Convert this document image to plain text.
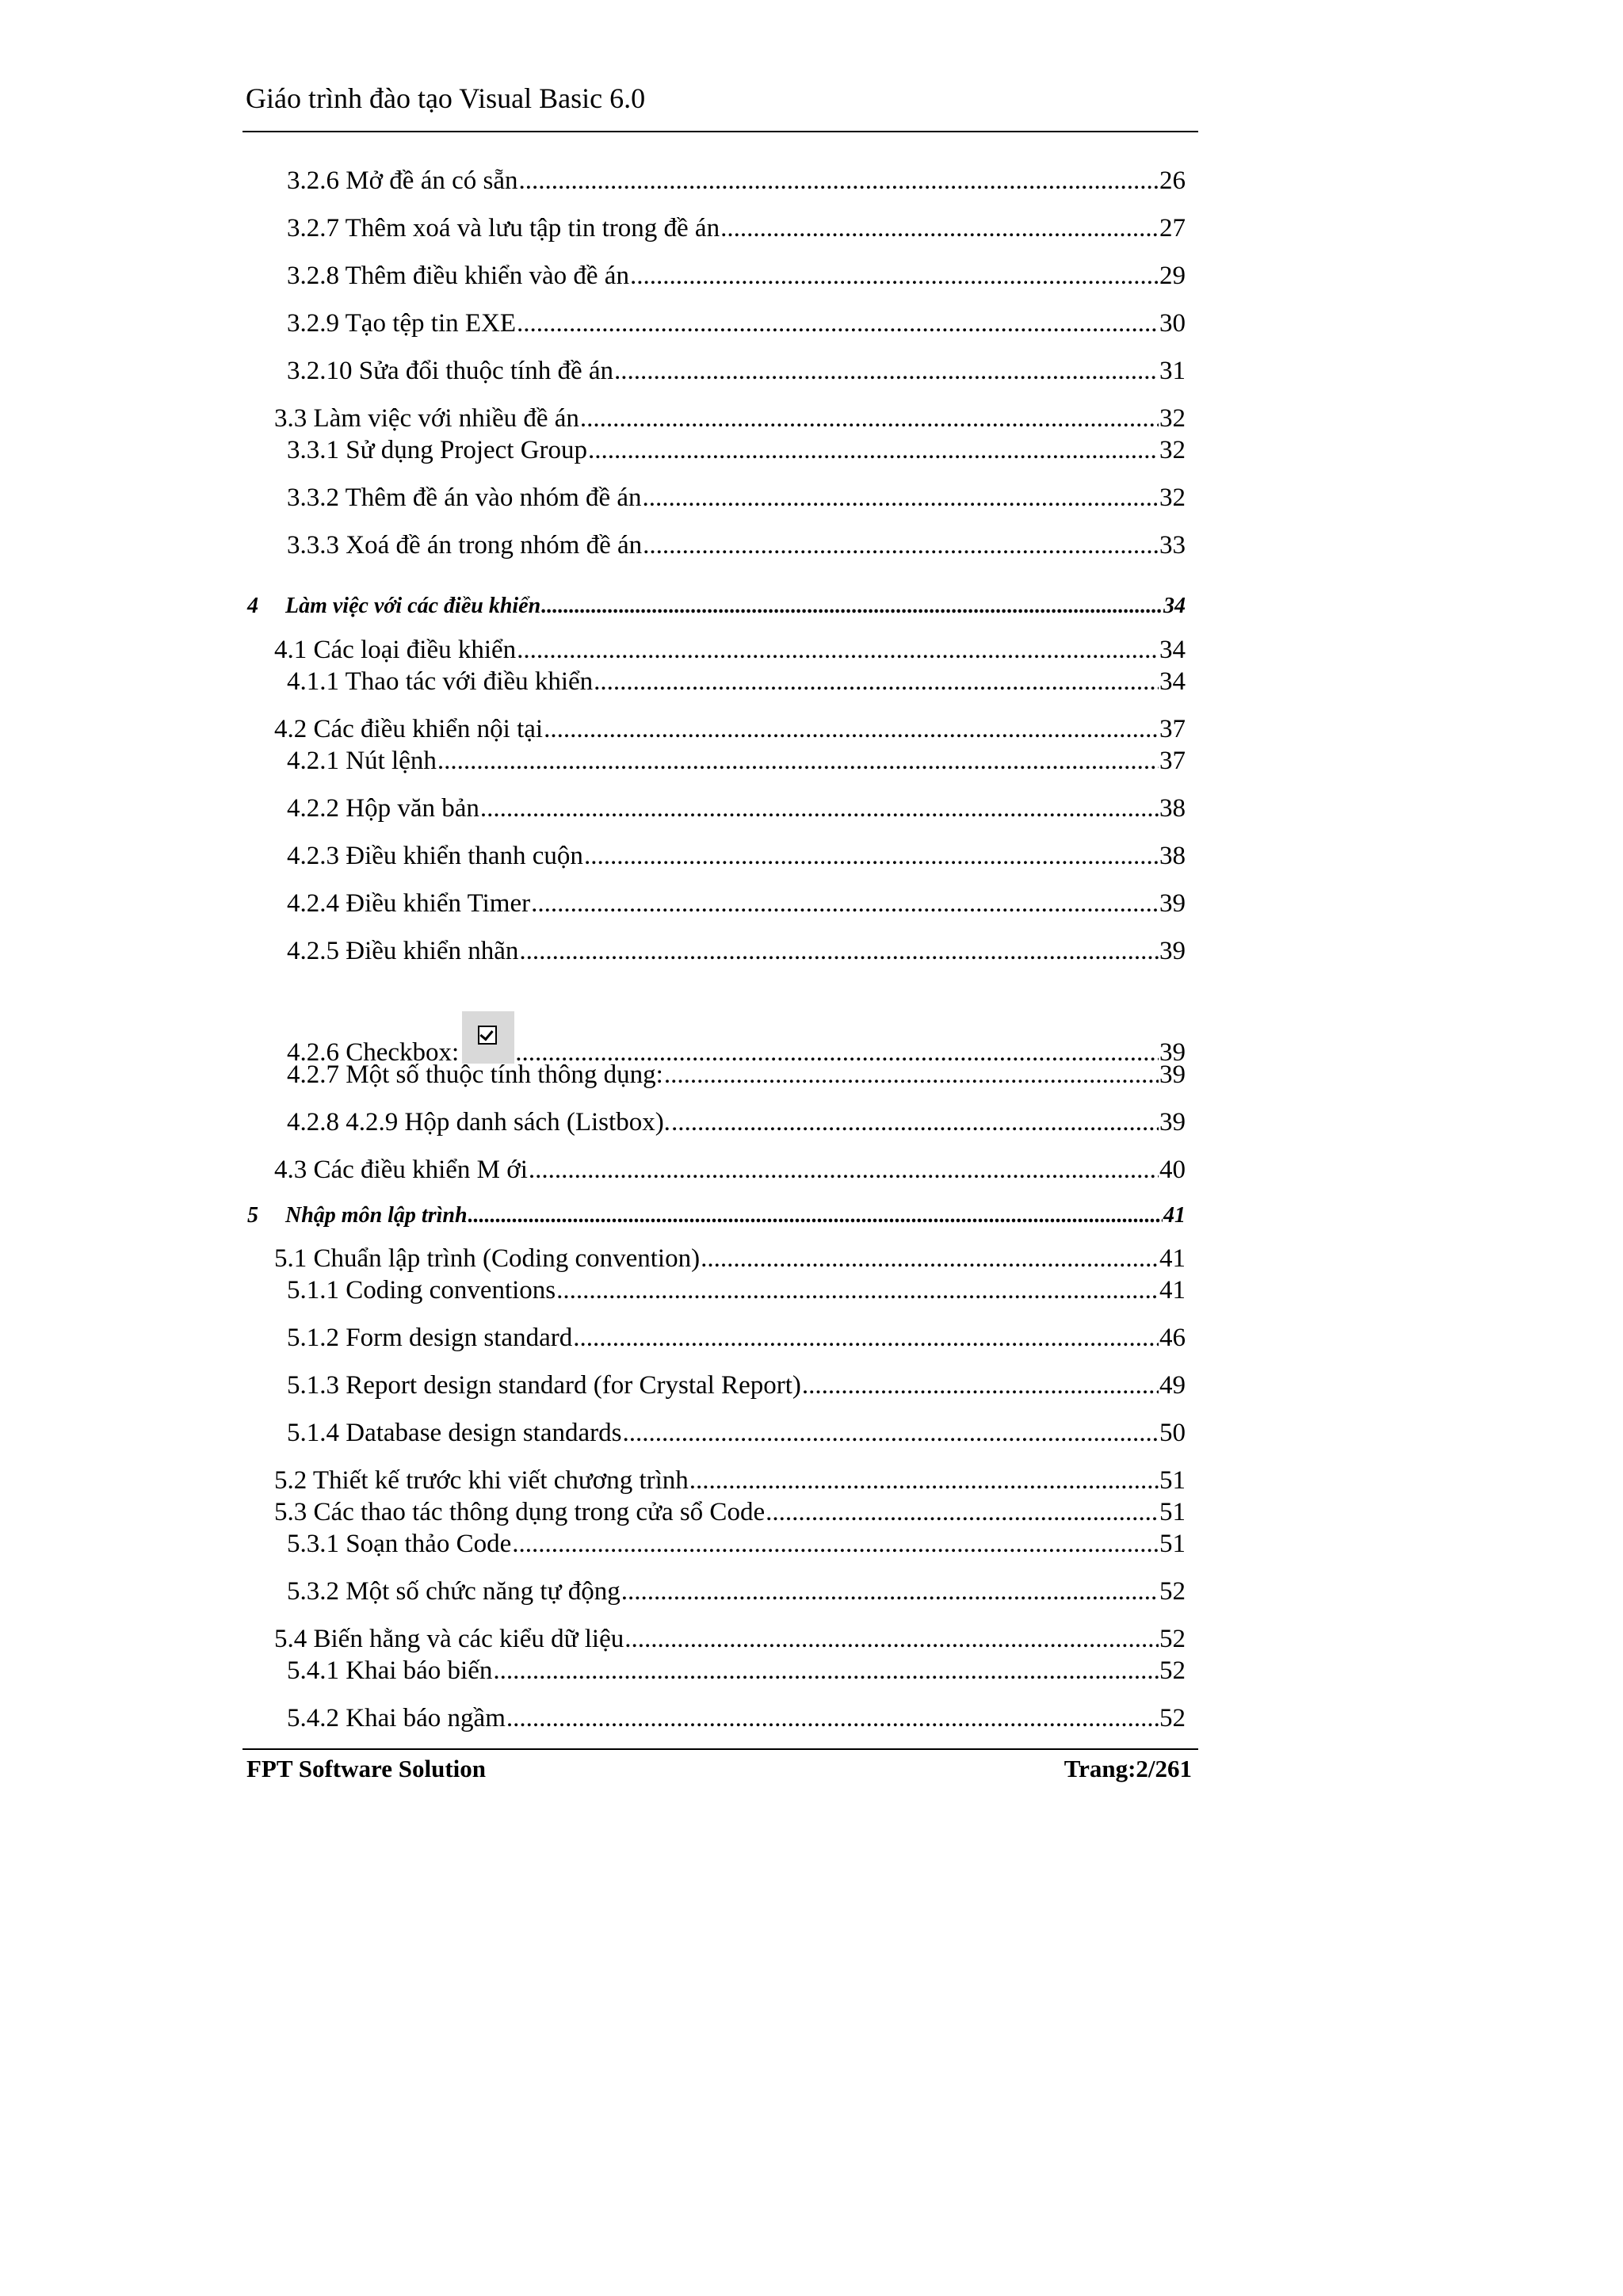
Giáo trình đào tạo Visual Basic 6.0
3.2.6 Mở đề án có sẵn .....	26
3.2.7 Thêm xoá và lưu tập tin trong đề án .....	27
3.2.8 Thêm điều khiển vào đề án .....	29
3.2.9 Tạo tệp tin EXE .....	30
3.2.10 Sửa đổi thuộc tính đề án .....	31
3.3 Làm việc với nhiều đề án .....	32
3.3.1 Sử dụng Project Group .....	32
3.3.2 Thêm đề án vào nhóm đề án .....	32
3.3.3 Xoá đề án trong nhóm đề án .....	33
4 Làm việc với các điều khiển .....	34
4.1 Các loại điều khiển .....	34
4.1.1 Thao tác với điều khiển .....	34
4.2 Các điều khiển nội tại .....	37
4.2.1 Nút lệnh .....	37
4.2.2 Hộp văn bản .....	38
4.2.3 Điều khiển thanh cuộn .....	38
4.2.4 Điều khiển Timer .....	39
4.2.5 Điều khiển nhãn .....	39
4.2.6 Checkbox: .....	39
4.2.7 Một số thuộc tính thông dụng: .....	39
4.2.8 4.2.9 Hộp danh sách (Listbox). .....	39
4.3 Các điều khiển M ới .....	40
5 Nhập môn lập trình .....	41
5.1 Chuẩn lập trình (Coding convention) .....	41
5.1.1 Coding conventions .....	41
5.1.2 Form design standard .....	46
5.1.3 Report design standard (for Crystal Report) .....	49
5.1.4 Database design standards .....	50
5.2 Thiết kế trước khi viết chương trình .....	51
5.3 Các thao tác thông dụng trong cửa sổ Code .....	51
5.3.1 Soạn thảo Code .....	51
5.3.2 Một số chức năng tự động .....	52
5.4 Biến hằng và các kiểu dữ liệu .....	52
5.4.1 Khai báo biến .....	52
5.4.2 Khai báo ngầm .....	52
FPT Software Solution	Trang:2/261
